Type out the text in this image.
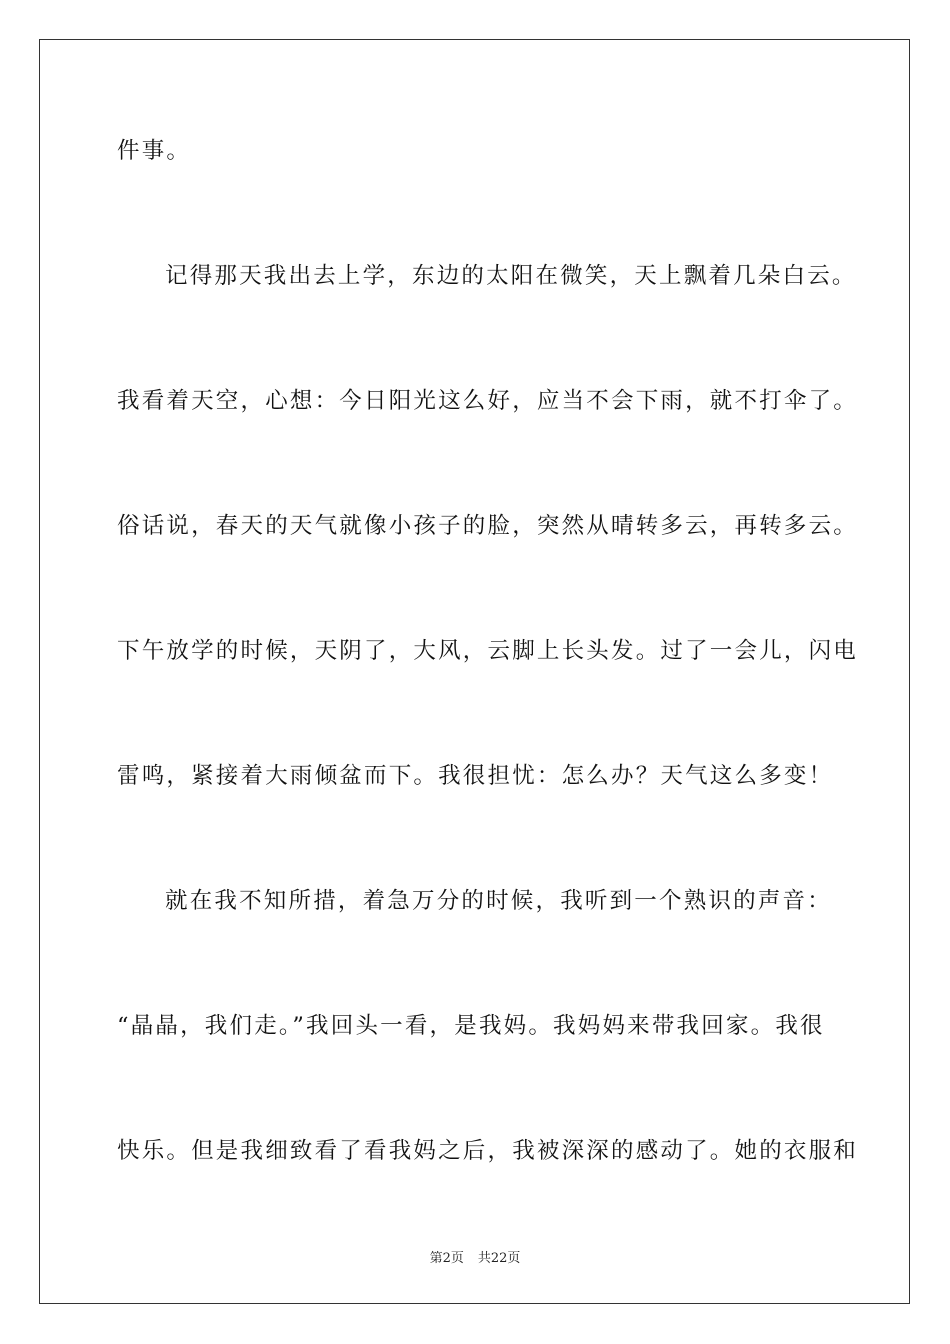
件事。
记得那天我出去上学，东边的太阳在微笑，天上飘着几朵白云。
我看着天空，心想：今日阳光这么好，应当不会下雨，就不打伞了。
俗话说，春天的天气就像小孩子的脸，突然从晴转多云，再转多云。
下午放学的时候，天阴了，大风，云脚上长头发。过了一会儿，闪电
雷鸣，紧接着大雨倾盆而下。我很担忧：怎么办？天气这么多变！
就在我不知所措，着急万分的时候，我听到一个熟识的声音：
“晶晶，我们走。”我回头一看，是我妈。我妈妈来带我回家。我很
快乐。但是我细致看了看我妈之后，我被深深的感动了。她的衣服和
第2页 共22页
